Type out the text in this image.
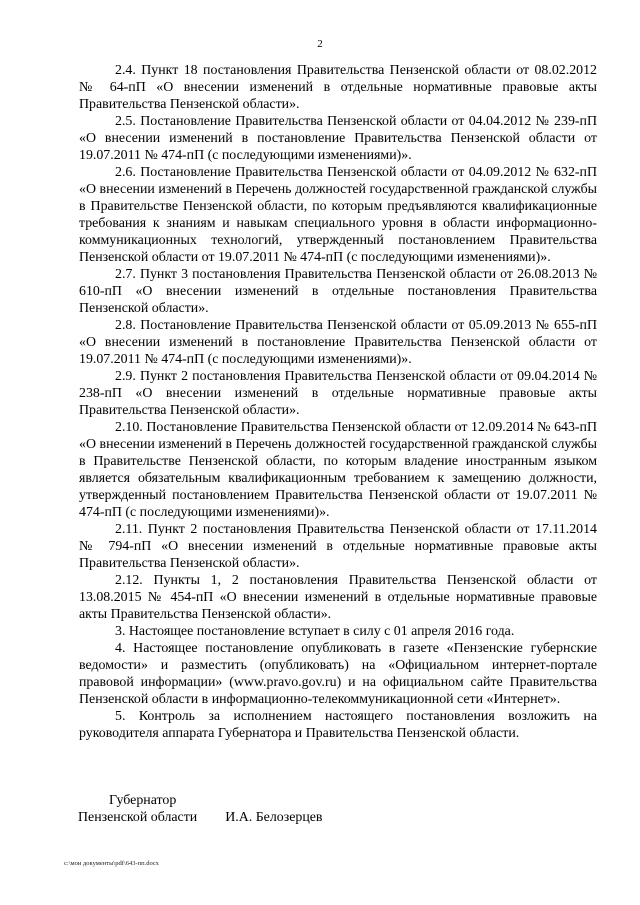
2

2.4. Пункт 18 постановления Правительства Пензенской области от 08.02.2012 № 64-пП «О внесении изменений в отдельные нормативные правовые акты Правительства Пензенской области».

2.5. Постановление Правительства Пензенской области от 04.04.2012 № 239-пП «О внесении изменений в постановление Правительства Пензенской области от 19.07.2011 № 474-пП (с последующими изменениями)».

2.6. Постановление Правительства Пензенской области от 04.09.2012 № 632-пП «О внесении изменений в Перечень должностей государственной гражданской службы в Правительстве Пензенской области, по которым предъявляются квалификационные требования к знаниям и навыкам специального уровня в области информационно-коммуникационных технологий, утвержденный постановлением Правительства Пензенской области от 19.07.2011 № 474-пП (с последующими изменениями)».

2.7. Пункт 3 постановления Правительства Пензенской области от 26.08.2013 № 610-пП «О внесении изменений в отдельные постановления Правительства Пензенской области».

2.8. Постановление Правительства Пензенской области от 05.09.2013 № 655-пП «О внесении изменений в постановление Правительства Пензенской области от 19.07.2011 № 474-пП (с последующими изменениями)».

2.9. Пункт 2 постановления Правительства Пензенской области от 09.04.2014 № 238-пП «О внесении изменений в отдельные нормативные правовые акты Правительства Пензенской области».

2.10. Постановление Правительства Пензенской области от 12.09.2014 № 643-пП «О внесении изменений в Перечень должностей государственной гражданской службы в Правительстве Пензенской области, по которым владение иностранным языком является обязательным квалификационным требованием к замещению должности, утвержденный постановлением Правительства Пензенской области от 19.07.2011 № 474-пП (с последующими изменениями)».

2.11. Пункт 2 постановления Правительства Пензенской области от 17.11.2014 № 794-пП «О внесении изменений в отдельные нормативные правовые акты Правительства Пензенской области».

2.12. Пункты 1, 2 постановления Правительства Пензенской области от 13.08.2015 № 454-пП «О внесении изменений в отдельные нормативные правовые акты Правительства Пензенской области».

3. Настоящее постановление вступает в силу с 01 апреля 2016 года.

4. Настоящее постановление опубликовать в газете «Пензенские губернские ведомости» и разместить (опубликовать) на «Официальном интернет-портале правовой информации» (www.pravo.gov.ru) и на официальном сайте Правительства Пензенской области в информационно-телекоммуникационной сети «Интернет».

5. Контроль за исполнением настоящего постановления возложить на руководителя аппарата Губернатора и Правительства Пензенской области.

Губернатор
Пензенской области И.А. Белозерцев
c:\мои документы\pdf\643-пп.docx
